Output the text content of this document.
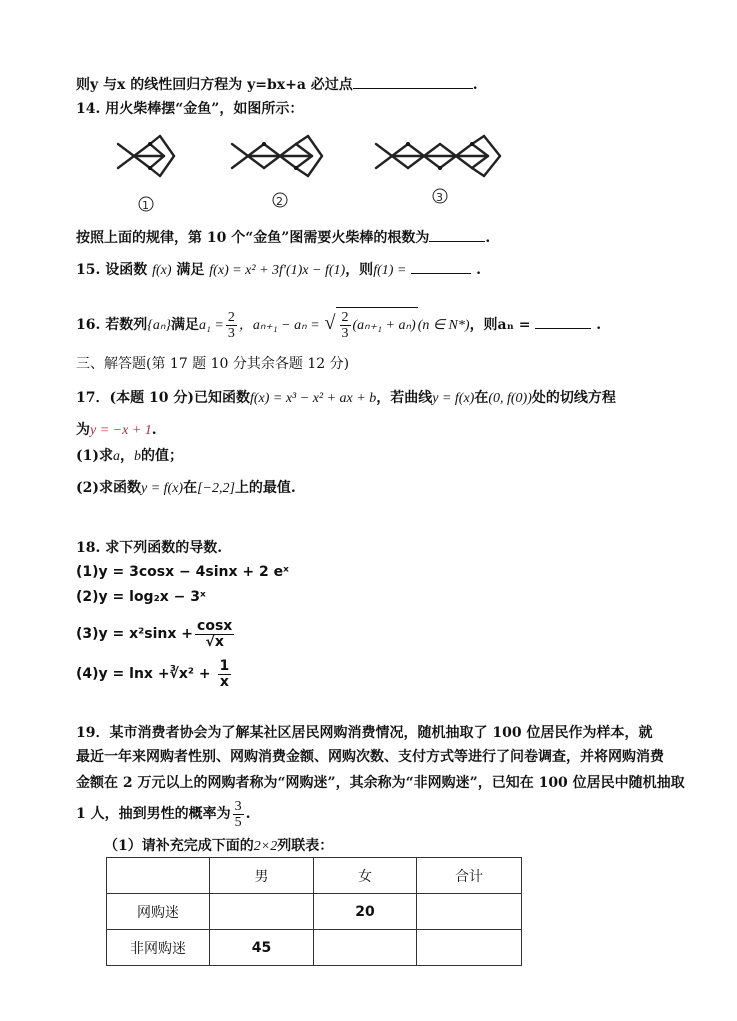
则y 与x 的线性回归方程为 y=bx+a 必过点	.
14. 用火柴棒摆“金鱼”，如图所示：
1	2	3
按照上面的规律，第 10 个“金鱼”图需要火柴棒的根数为	.
15. 设函数 f(x) 满足 f(x) = x² + 3f′(1)x − f(1)，则f(1) =	.
16. 若数列{aₙ}满足$a_1 = \frac{2}{3}$ ，aₙ₊₁ − aₙ = √ $\frac{2}{3} (a_{n+1} + a_n)$ (n ∈ N*)，则aₙ =	.
三、解答题(第 17 题 10 分其余各题 12 分)
17．(本题 10 分)已知函数f(x) = x³ − x² + ax + b，若曲线y = f(x)在(0, f(0))处的切线方程
为y = −x + 1.
(1)求a，b的值；
(2)求函数y = f(x)在[−2,2]上的最值.
18. 求下列函数的导数.
(1)y = 3cosx − 4sinx + 2 eˣ
(2)y = log₂x − 3ˣ
$(3)y = x^2\sin x + \frac{\cos x}{√x}$
(4)y = lnx +∛x² + $\frac{1}{x}$
19．某市消费者协会为了解某社区居民网购消费情况，随机抽取了 100 位居民作为样本，就
最近一年来网购者性别、网购消费金额、网购次数、支付方式等进行了问卷调查，并将网购消费
金额在 2 万元以上的网购者称为“网购迷”，其余称为“非网购迷”，已知在 100 位居民中随机抽取
1 人，抽到男性的概率为 $\frac{3}{5}$ .
（1）请补充完成下面的2×2列联表：
	男	女	合计
网购迷		20	
非网购迷	45		
